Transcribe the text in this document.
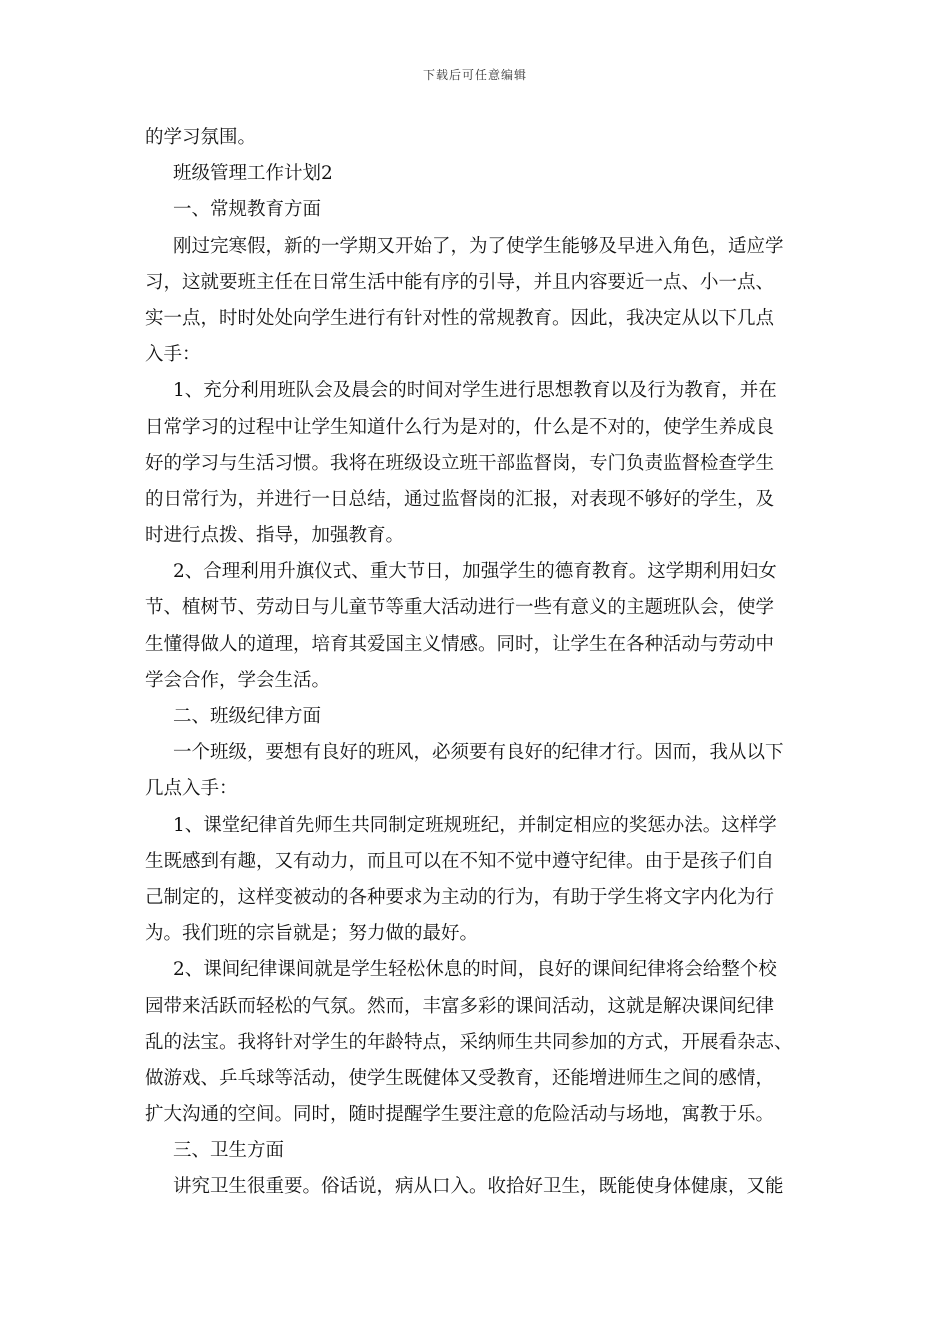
下载后可任意编辑
的学习氛围。
班级管理工作计划2
一、常规教育方面
刚过完寒假，新的一学期又开始了，为了使学生能够及早进入角色，适应学
习，这就要班主任在日常生活中能有序的引导，并且内容要近一点、小一点、
实一点，时时处处向学生进行有针对性的常规教育。因此，我决定从以下几点
入手：
1、充分利用班队会及晨会的时间对学生进行思想教育以及行为教育，并在
日常学习的过程中让学生知道什么行为是对的，什么是不对的，使学生养成良
好的学习与生活习惯。我将在班级设立班干部监督岗，专门负责监督检查学生
的日常行为，并进行一日总结，通过监督岗的汇报，对表现不够好的学生，及
时进行点拨、指导，加强教育。
2、合理利用升旗仪式、重大节日，加强学生的德育教育。这学期利用妇女
节、植树节、劳动日与儿童节等重大活动进行一些有意义的主题班队会，使学
生懂得做人的道理，培育其爱国主义情感。同时，让学生在各种活动与劳动中
学会合作，学会生活。
二、班级纪律方面
一个班级，要想有良好的班风，必须要有良好的纪律才行。因而，我从以下
几点入手：
1、课堂纪律首先师生共同制定班规班纪，并制定相应的奖惩办法。这样学
生既感到有趣，又有动力，而且可以在不知不觉中遵守纪律。由于是孩子们自
己制定的，这样变被动的各种要求为主动的行为，有助于学生将文字内化为行
为。我们班的宗旨就是；努力做的最好。
2、课间纪律课间就是学生轻松休息的时间，良好的课间纪律将会给整个校
园带来活跃而轻松的气氛。然而，丰富多彩的课间活动，这就是解决课间纪律
乱的法宝。我将针对学生的年龄特点，采纳师生共同参加的方式，开展看杂志、
做游戏、乒乓球等活动，使学生既健体又受教育，还能增进师生之间的感情，
扩大沟通的空间。同时，随时提醒学生要注意的危险活动与场地，寓教于乐。
三、卫生方面
讲究卫生很重要。俗话说，病从口入。收拾好卫生，既能使身体健康，又能
